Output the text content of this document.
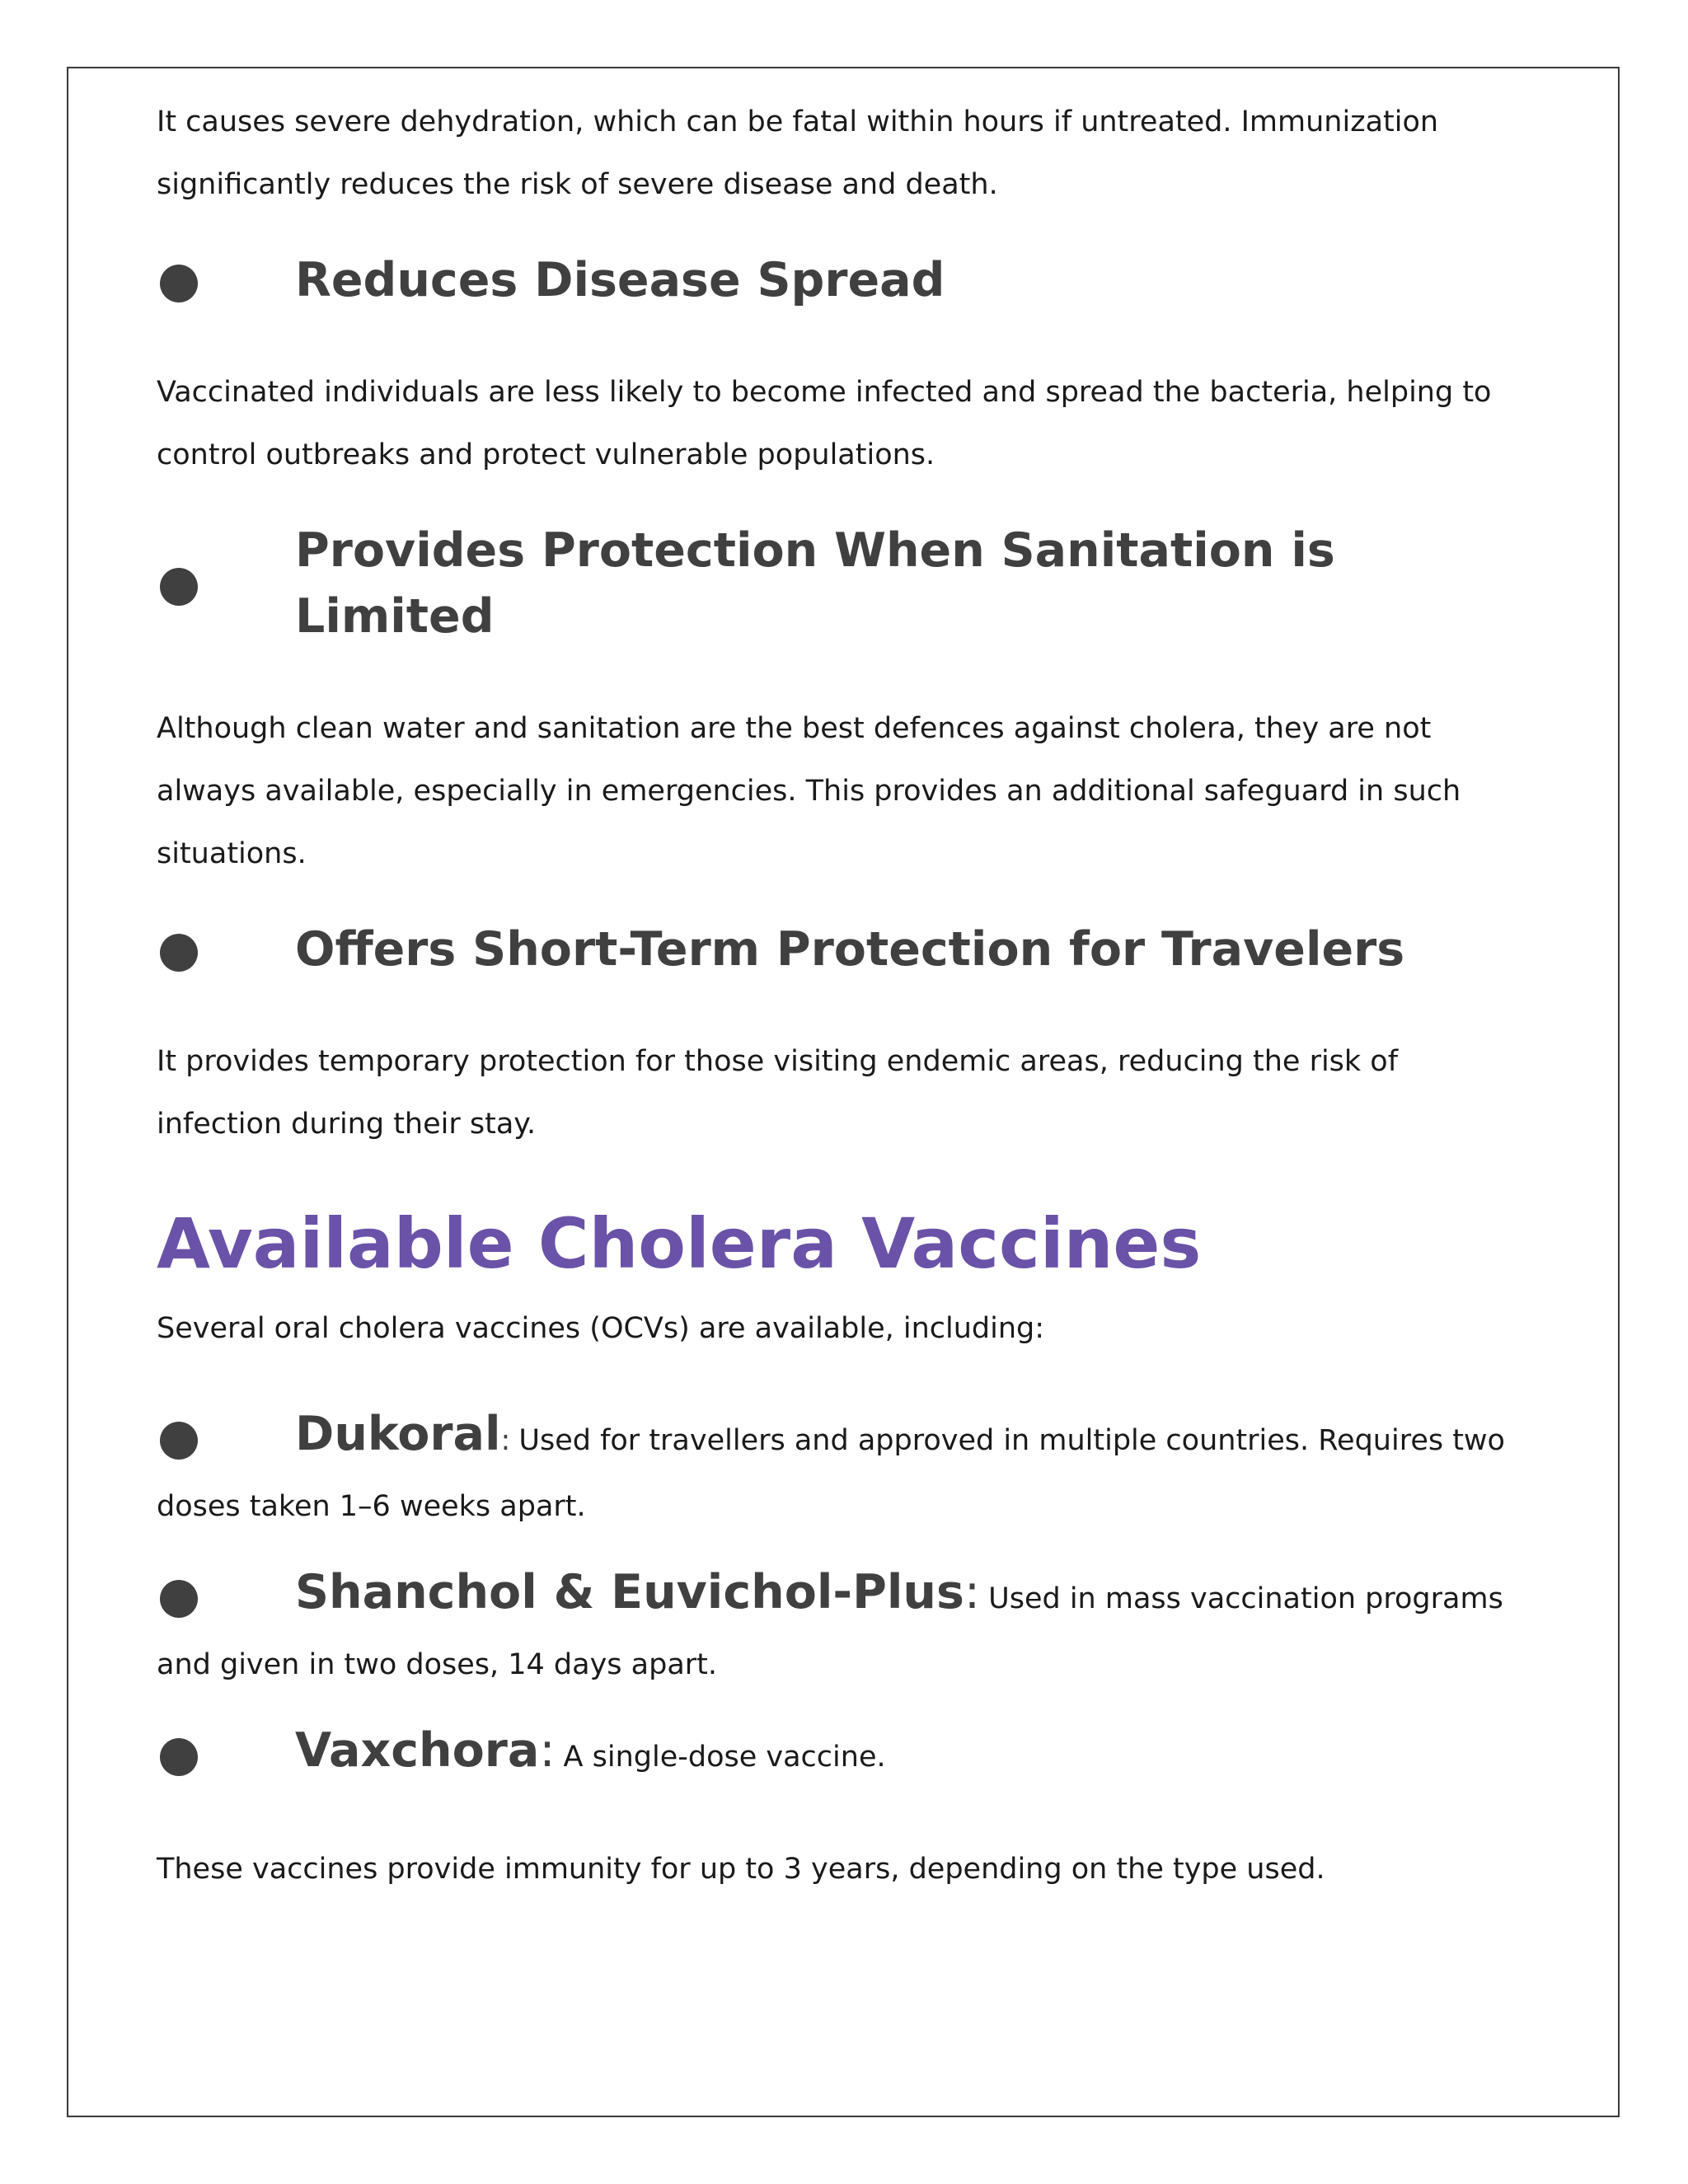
It causes severe dehydration, which can be fatal within hours if untreated. Immunization significantly reduces the risk of severe disease and death.

Reduces Disease Spread

Vaccinated individuals are less likely to become infected and spread the bacteria, helping to control outbreaks and protect vulnerable populations.

Provides Protection When Sanitation is Limited

Although clean water and sanitation are the best defences against cholera, they are not always available, especially in emergencies. This provides an additional safeguard in such situations.

Offers Short-Term Protection for Travelers

It provides temporary protection for those visiting endemic areas, reducing the risk of infection during their stay.

Available Cholera Vaccines

Several oral cholera vaccines (OCVs) are available, including:

Dukoral : Used for travellers and approved in multiple countries. Requires two
doses taken 1–6 weeks apart.
Shanchol & Euvichol-Plus : Used in mass vaccination programs
and given in two doses, 14 days apart.
Vaxchora : A single-dose vaccine.

These vaccines provide immunity for up to 3 years, depending on the type used.
